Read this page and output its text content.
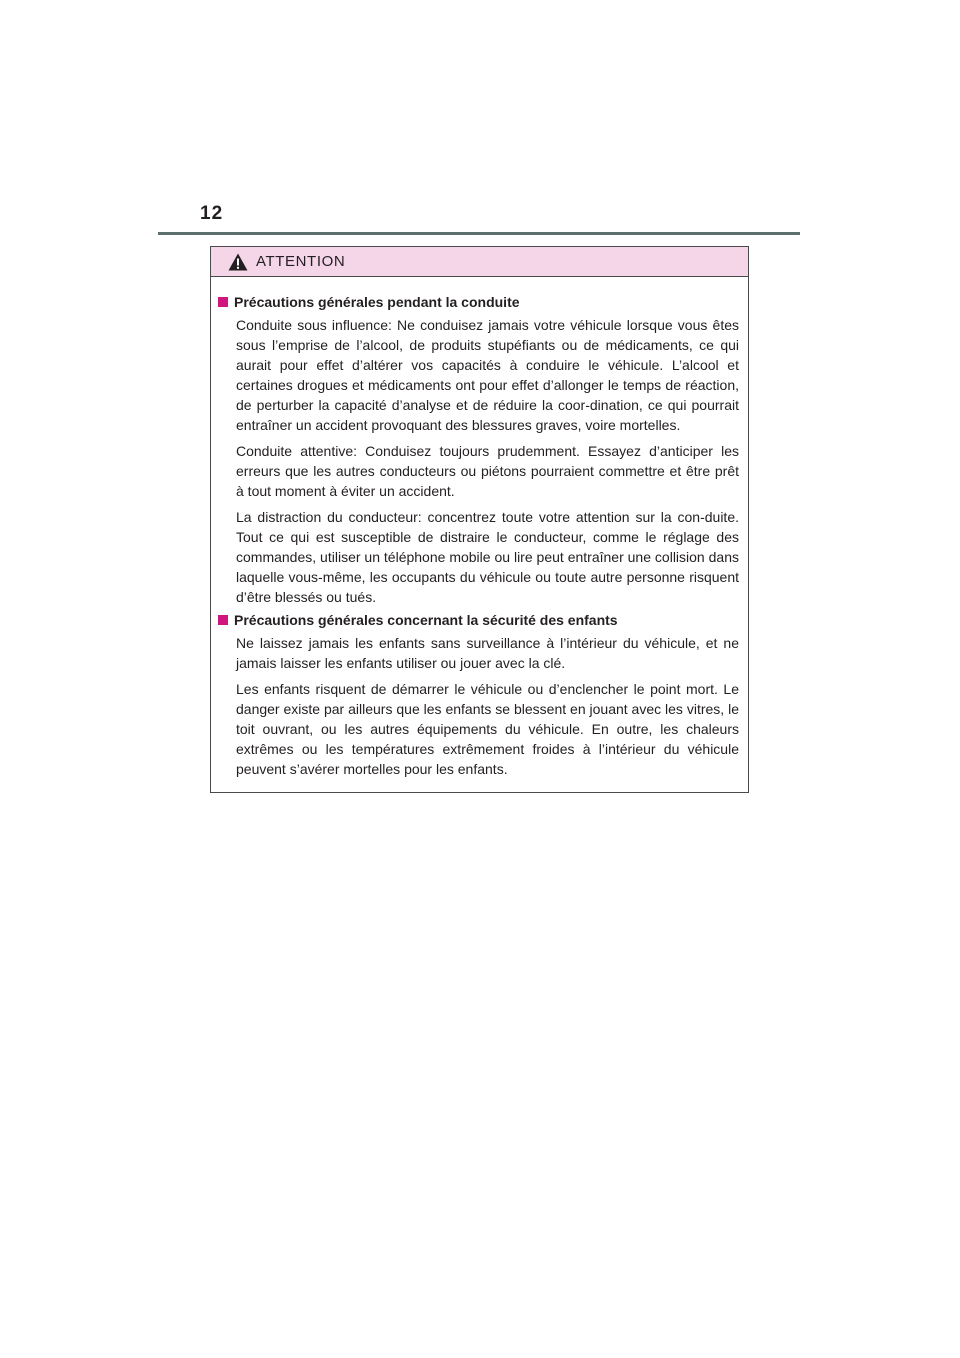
12
ATTENTION
Précautions générales pendant la conduite

Conduite sous influence: Ne conduisez jamais votre véhicule lorsque vous êtes sous l’emprise de l’alcool, de produits stupéfiants ou de médicaments, ce qui aurait pour effet d’altérer vos capacités à conduire le véhicule. L’alcool et certaines drogues et médicaments ont pour effet d’allonger le temps de réaction, de perturber la capacité d’analyse et de réduire la coor-dination, ce qui pourrait entraîner un accident provoquant des blessures graves, voire mortelles.

Conduite attentive: Conduisez toujours prudemment. Essayez d’anticiper les erreurs que les autres conducteurs ou piétons pourraient commettre et être prêt à tout moment à éviter un accident.

La distraction du conducteur: concentrez toute votre attention sur la con-duite. Tout ce qui est susceptible de distraire le conducteur, comme le réglage des commandes, utiliser un téléphone mobile ou lire peut entraîner une collision dans laquelle vous-même, les occupants du véhicule ou toute autre personne risquent d’être blessés ou tués.

Précautions générales concernant la sécurité des enfants

Ne laissez jamais les enfants sans surveillance à l’intérieur du véhicule, et ne jamais laisser les enfants utiliser ou jouer avec la clé.

Les enfants risquent de démarrer le véhicule ou d’enclencher le point mort. Le danger existe par ailleurs que les enfants se blessent en jouant avec les vitres, le toit ouvrant, ou les autres équipements du véhicule. En outre, les chaleurs extrêmes ou les températures extrêmement froides à l’intérieur du véhicule peuvent s’avérer mortelles pour les enfants.
